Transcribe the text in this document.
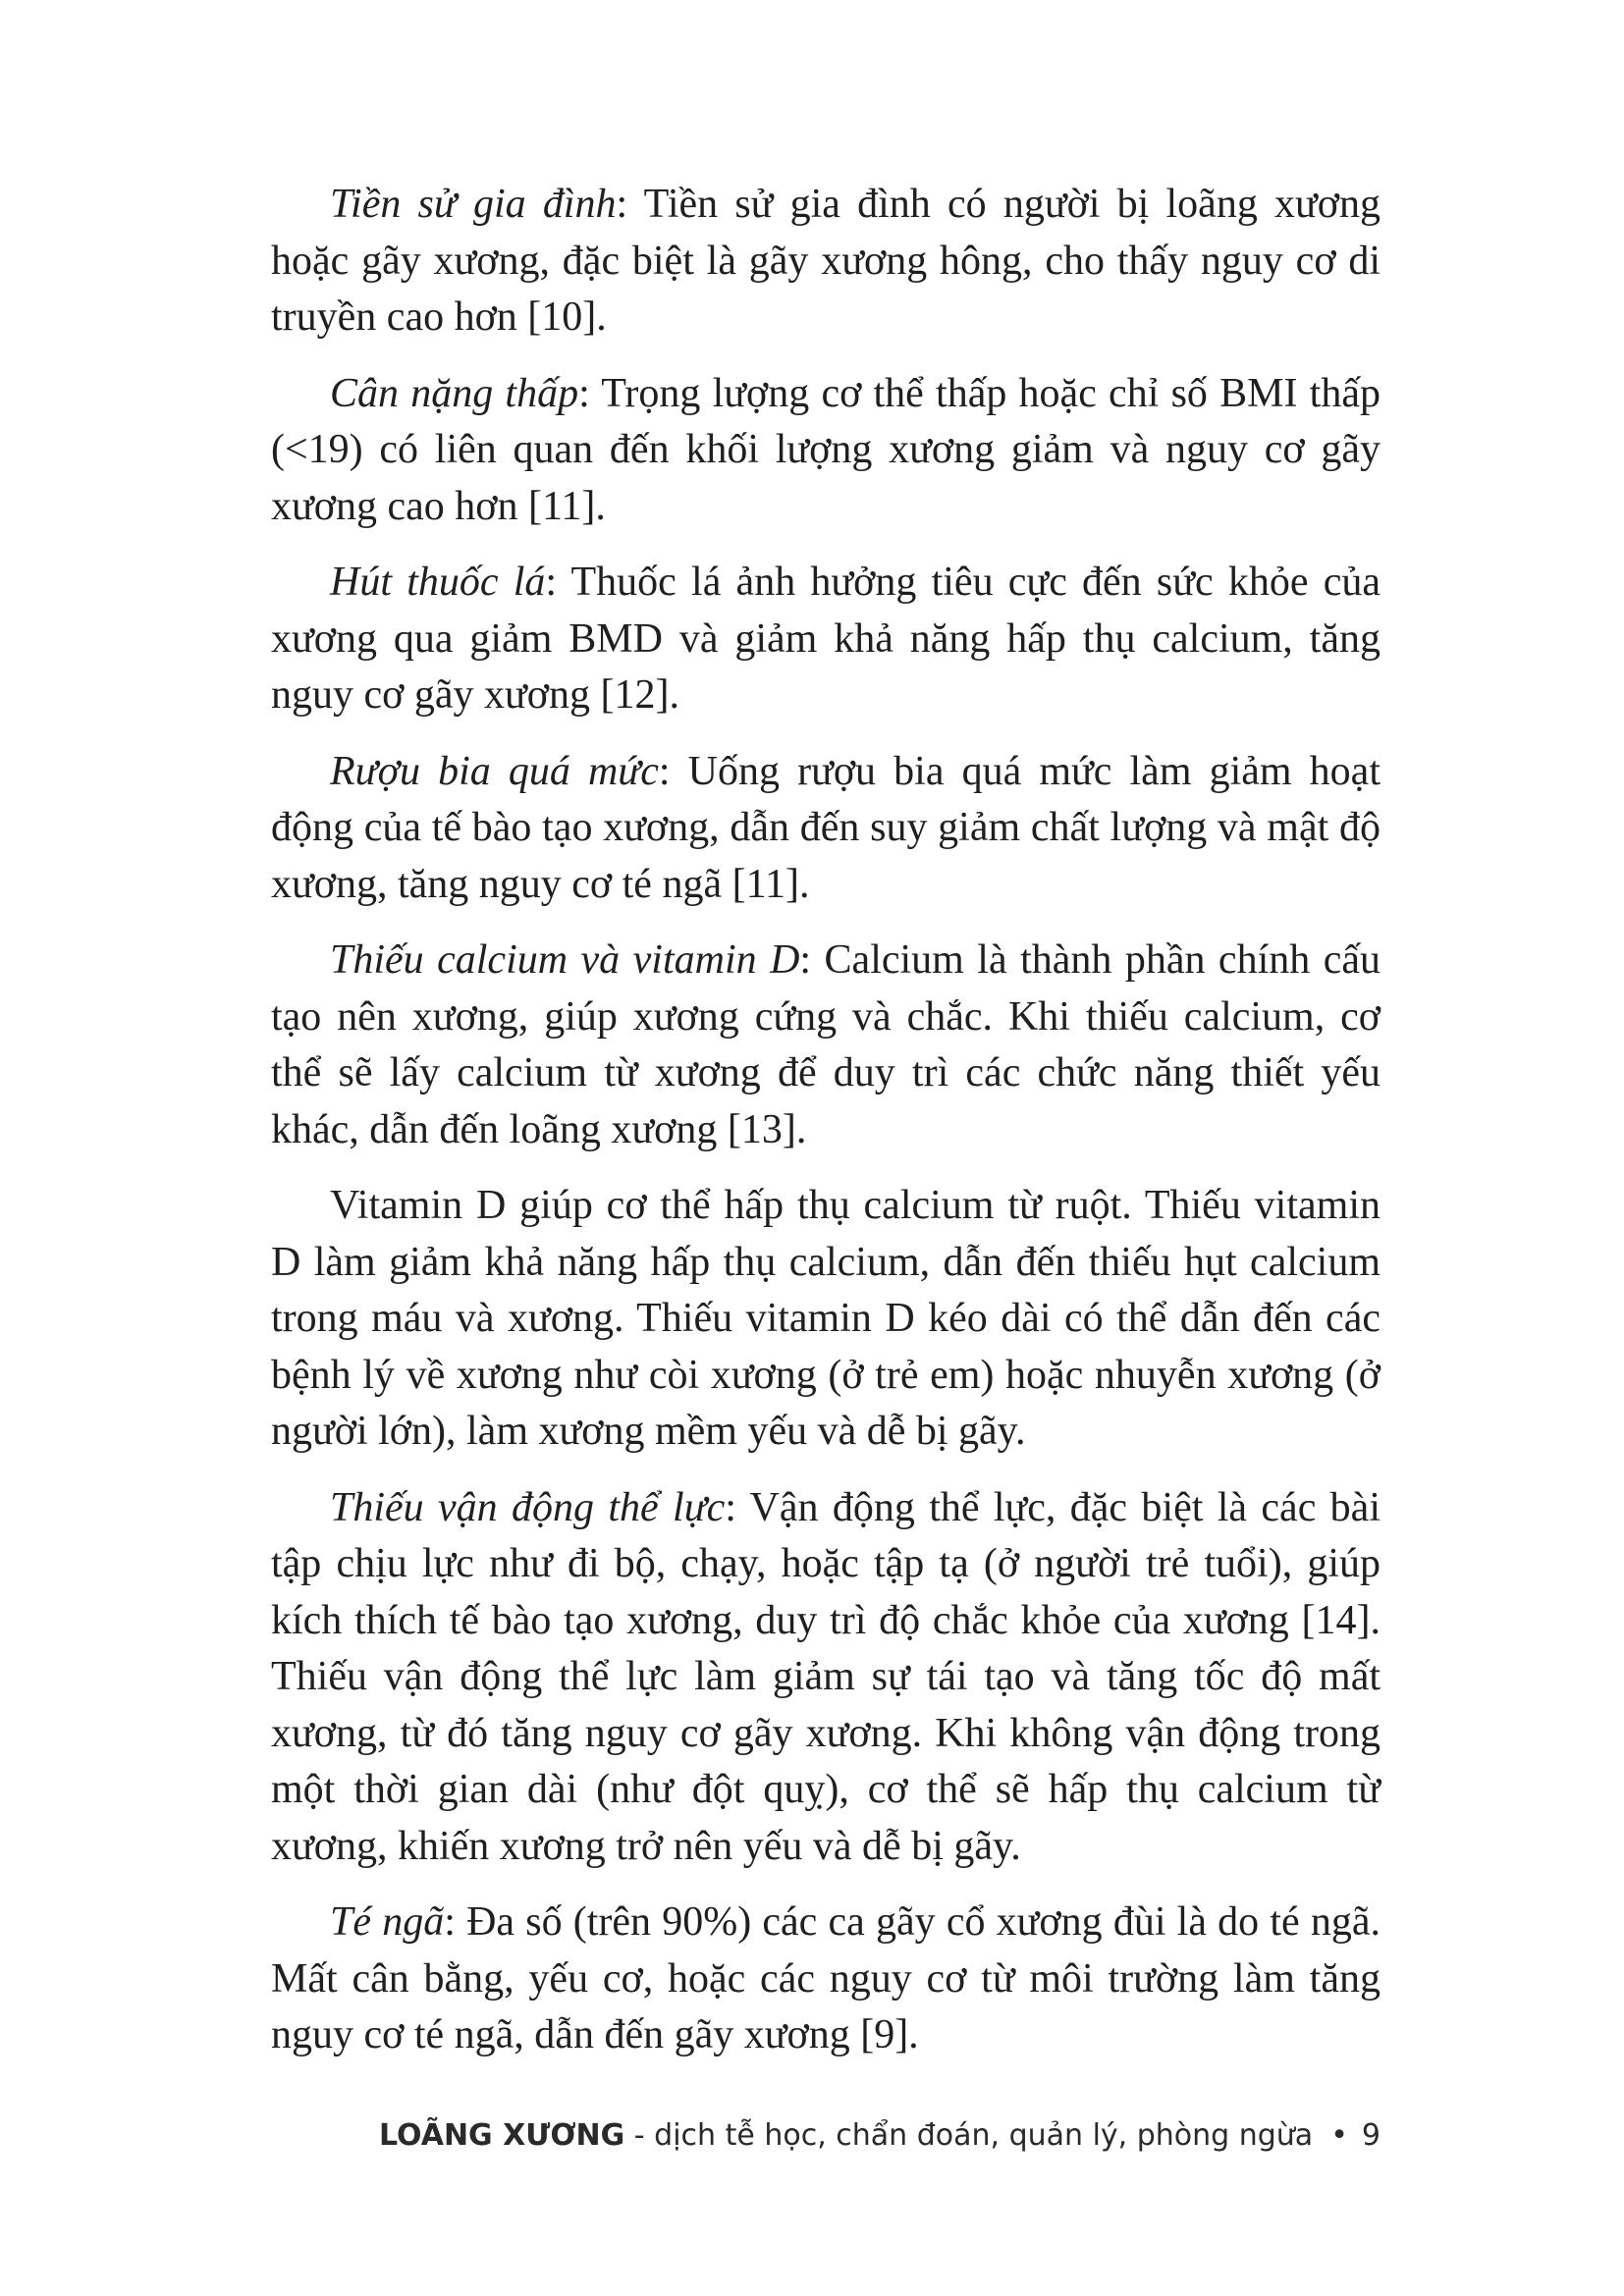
Tiền sử gia đình: Tiền sử gia đình có người bị loãng xương hoặc gãy xương, đặc biệt là gãy xương hông, cho thấy nguy cơ di truyền cao hơn [10].

Cân nặng thấp: Trọng lượng cơ thể thấp hoặc chỉ số BMI thấp (<19) có liên quan đến khối lượng xương giảm và nguy cơ gãy xương cao hơn [11].

Hút thuốc lá: Thuốc lá ảnh hưởng tiêu cực đến sức khỏe của xương qua giảm BMD và giảm khả năng hấp thụ calcium, tăng nguy cơ gãy xương [12].

Rượu bia quá mức: Uống rượu bia quá mức làm giảm hoạt động của tế bào tạo xương, dẫn đến suy giảm chất lượng và mật độ xương, tăng nguy cơ té ngã [11].

Thiếu calcium và vitamin D: Calcium là thành phần chính cấu tạo nên xương, giúp xương cứng và chắc. Khi thiếu calcium, cơ thể sẽ lấy calcium từ xương để duy trì các chức năng thiết yếu khác, dẫn đến loãng xương [13].

Vitamin D giúp cơ thể hấp thụ calcium từ ruột. Thiếu vitamin D làm giảm khả năng hấp thụ calcium, dẫn đến thiếu hụt calcium trong máu và xương. Thiếu vitamin D kéo dài có thể dẫn đến các bệnh lý về xương như còi xương (ở trẻ em) hoặc nhuyễn xương (ở người lớn), làm xương mềm yếu và dễ bị gãy.

Thiếu vận động thể lực: Vận động thể lực, đặc biệt là các bài tập chịu lực như đi bộ, chạy, hoặc tập tạ (ở người trẻ tuổi), giúp kích thích tế bào tạo xương, duy trì độ chắc khỏe của xương [14]. Thiếu vận động thể lực làm giảm sự tái tạo và tăng tốc độ mất xương, từ đó tăng nguy cơ gãy xương. Khi không vận động trong một thời gian dài (như đột quỵ), cơ thể sẽ hấp thụ calcium từ xương, khiến xương trở nên yếu và dễ bị gãy.

Té ngã: Đa số (trên 90%) các ca gãy cổ xương đùi là do té ngã. Mất cân bằng, yếu cơ, hoặc các nguy cơ từ môi trường làm tăng nguy cơ té ngã, dẫn đến gãy xương [9].

LOÃNG XƯƠNG - dịch tễ học, chẩn đoán, quản lý, phòng ngừa • 9
